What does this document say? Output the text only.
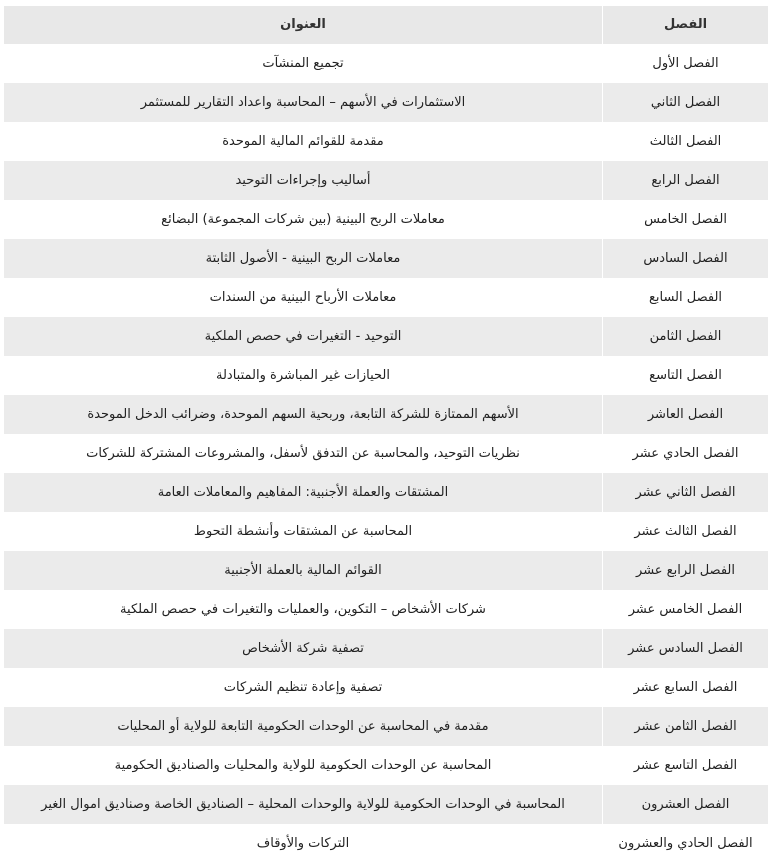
الفصل	العنوان
الفصل الأول	تجميع المنشآت
الفصل الثاني	الاستثمارات في الأسهم – المحاسبة واعداد التقارير للمستثمر
الفصل الثالث	مقدمة للقوائم المالية الموحدة
الفصل الرابع	أساليب وإجراءات التوحيد
الفصل الخامس	معاملات الربح البينية (بين شركات المجموعة) البضائع
الفصل السادس	معاملات الربح البينية - الأصول الثابتة
الفصل السابع	معاملات الأرباح البينية من السندات
الفصل الثامن	التوحيد - التغيرات في حصص الملكية
الفصل التاسع	الحيازات غير المباشرة والمتبادلة
الفصل العاشر	الأسهم الممتازة للشركة التابعة، وربحية السهم الموحدة، وضرائب الدخل الموحدة
الفصل الحادي عشر	نظريات التوحيد، والمحاسبة عن التدفق لأسفل، والمشروعات المشتركة للشركات
الفصل الثاني عشر	المشتقات والعملة الأجنبية: المفاهيم والمعاملات العامة
الفصل الثالث عشر	المحاسبة عن المشتقات وأنشطة التحوط
الفصل الرابع عشر	القوائم المالية بالعملة الأجنبية
الفصل الخامس عشر	شركات الأشخاص – التكوين، والعمليات والتغيرات في حصص الملكية
الفصل السادس عشر	تصفية شركة الأشخاص
الفصل السابع عشر	تصفية وإعادة تنظيم الشركات
الفصل الثامن عشر	مقدمة في المحاسبة عن الوحدات الحكومية التابعة للولاية أو المحليات
الفصل التاسع عشر	المحاسبة عن الوحدات الحكومية للولاية والمحليات والصناديق الحكومية
الفصل العشرون	المحاسبة في الوحدات الحكومية للولاية والوحدات المحلية – الصناديق الخاصة وصناديق اموال الغير
الفصل الحادي والعشرون	التركات والأوقاف
